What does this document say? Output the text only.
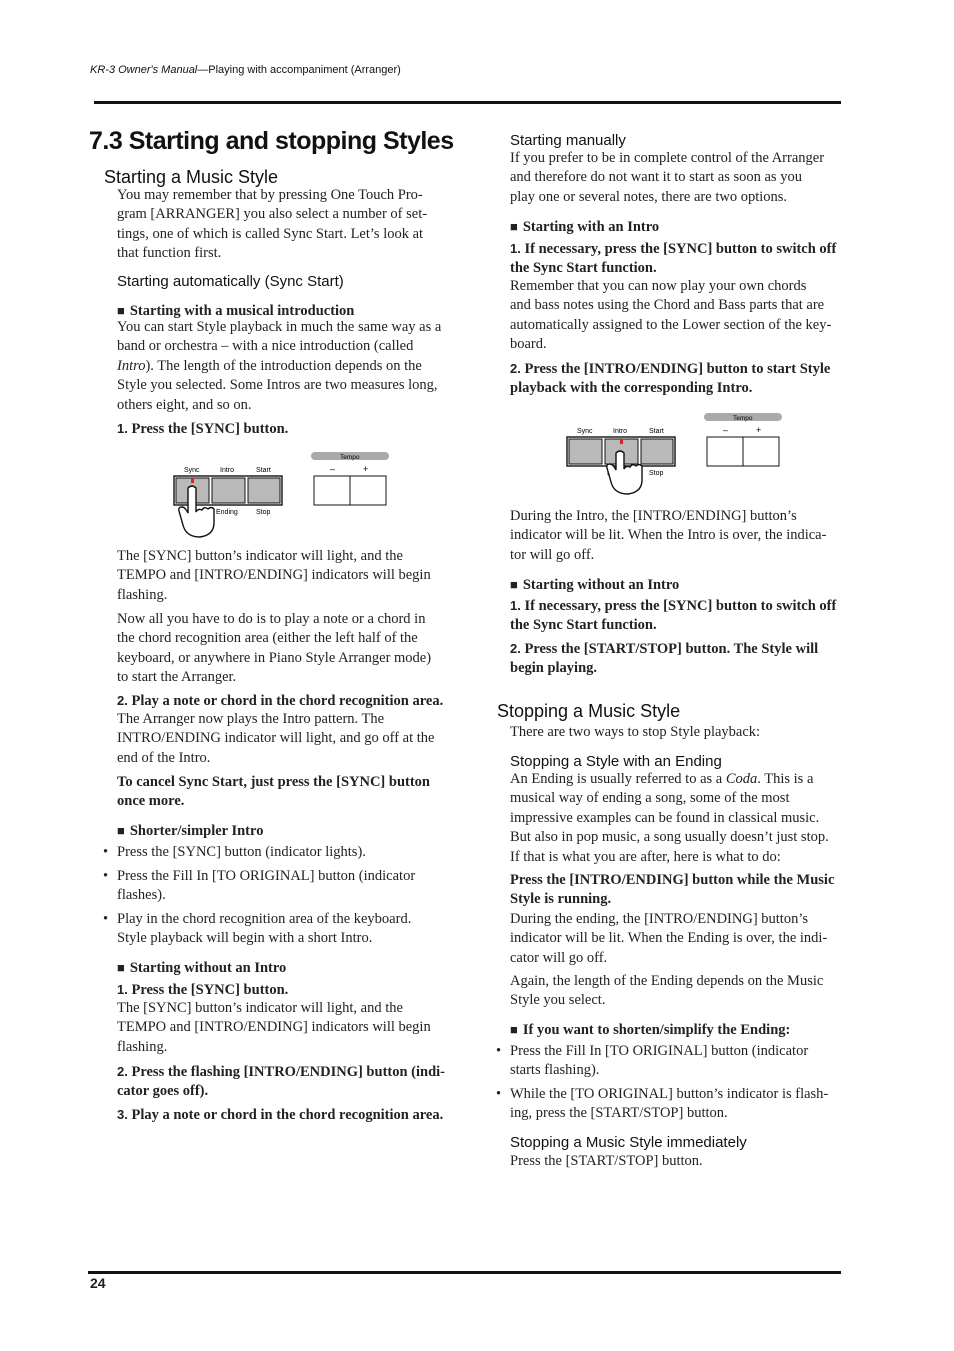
KR-3 Owner's Manual—Playing with accompaniment (Arranger)
7.3 Starting and stopping Styles
Starting a Music Style
You may remember that by pressing One Touch Pro-
gram [ARRANGER] you also select a number of set-
tings, one of which is called Sync Start. Let’s look at
that function first.
Starting automatically (Sync Start)
■ Starting with a musical introduction
You can start Style playback in much the same way as a
band or orchestra – with a nice introduction (called
Intro). The length of the introduction depends on the
Style you selected. Some Intros are two measures long,
others eight, and so on.
1. Press the [SYNC] button.
Sync	Intro	Start
Ending	Stop
Tempo
–	+
The [SYNC] button’s indicator will light, and the
TEMPO and [INTRO/ENDING] indicators will begin
flashing.
Now all you have to do is to play a note or a chord in
the chord recognition area (either the left half of the
keyboard, or anywhere in Piano Style Arranger mode)
to start the Arranger.
2. Play a note or chord in the chord recognition area.
The Arranger now plays the Intro pattern. The
INTRO/ENDING indicator will light, and go off at the
end of the Intro.
To cancel Sync Start, just press the [SYNC] button
once more.
■ Shorter/simpler Intro
• Press the [SYNC] button (indicator lights).
• Press the Fill In [TO ORIGINAL] button (indicator
flashes).
• Play in the chord recognition area of the keyboard.
Style playback will begin with a short Intro.
■ Starting without an Intro
1. Press the [SYNC] button.
The [SYNC] button’s indicator will light, and the
TEMPO and [INTRO/ENDING] indicators will begin
flashing.
2. Press the flashing [INTRO/ENDING] button (indi-
cator goes off).
3. Play a note or chord in the chord recognition area.
Starting manually
If you prefer to be in complete control of the Arranger
and therefore do not want it to start as soon as you
play one or several notes, there are two options.
■ Starting with an Intro
1. If necessary, press the [SYNC] button to switch off
the Sync Start function.
Remember that you can now play your own chords
and bass notes using the Chord and Bass parts that are
automatically assigned to the Lower section of the key-
board.
2. Press the [INTRO/ENDING] button to start Style
playback with the corresponding Intro.
Sync	Intro	Start
Stop
Tempo
–	+
During the Intro, the [INTRO/ENDING] button’s
indicator will be lit. When the Intro is over, the indica-
tor will go off.
■ Starting without an Intro
1. If necessary, press the [SYNC] button to switch off
the Sync Start function.
2. Press the [START/STOP] button. The Style will
begin playing.
Stopping a Music Style
There are two ways to stop Style playback:
Stopping a Style with an Ending
An Ending is usually referred to as a Coda. This is a
musical way of ending a song, some of the most
impressive examples can be found in classical music.
But also in pop music, a song usually doesn’t just stop.
If that is what you are after, here is what to do:
Press the [INTRO/ENDING] button while the Music
Style is running.
During the ending, the [INTRO/ENDING] button’s
indicator will be lit. When the Ending is over, the indi-
cator will go off.
Again, the length of the Ending depends on the Music
Style you select.
■ If you want to shorten/simplify the Ending:
• Press the Fill In [TO ORIGINAL] button (indicator
starts flashing).
• While the [TO ORIGINAL] button’s indicator is flash-
ing, press the [START/STOP] button.
Stopping a Music Style immediately
Press the [START/STOP] button.
24
